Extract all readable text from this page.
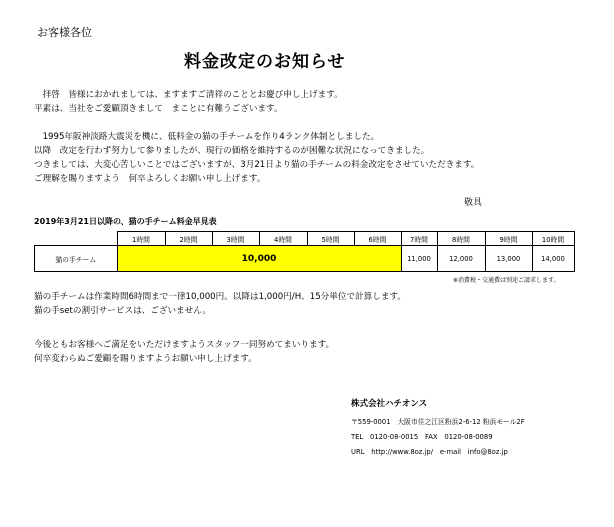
お客様各位
料金改定のお知らせ
　拝啓　皆様におかれましては、ますますご清祥のこととお慶び申し上げます。
平素は、当社をご愛顧頂きまして　まことに有難うございます。
　1995年阪神淡路大震災を機に、低料金の猫の手チームを作り4ランク体制としました。
以降　改定を行わず努力して参りましたが、現行の価格を維持するのが困難な状況になってきました。
つきましては、大変心苦しいことではございますが、3月21日より猫の手チームの料金改定をさせていただきます。
ご理解を賜りますよう　何卒よろしくお願い申し上げます。
敬具
2019年3月21日以降の、猫の手チーム料金早見表
	1時間	2時間	3時間	4時間	5時間	6時間	7時間	8時間	9時間	10時間
猫の手チーム	10,000						11,000	12,000	13,000	14,000
※消費税・交通費は別途ご請求します。
猫の手チームは作業時間6時間まで一律10,000円。以降は1,000円/H、15分単位で計算します。
猫の手setの割引サービスは、ございません。
今後ともお客様へご満足をいただけますようスタッフ一同努めてまいります。
何卒変わらぬご愛顧を賜りますようお願い申し上げます。
株式会社ハチオンス
〒559-0001　大阪市住之江区粉浜2-6-12 粉浜モール2F
TEL　0120-08-0015　FAX　0120-08-0089
URL　http://www.8oz.jp/　e-mail　info@8oz.jp
